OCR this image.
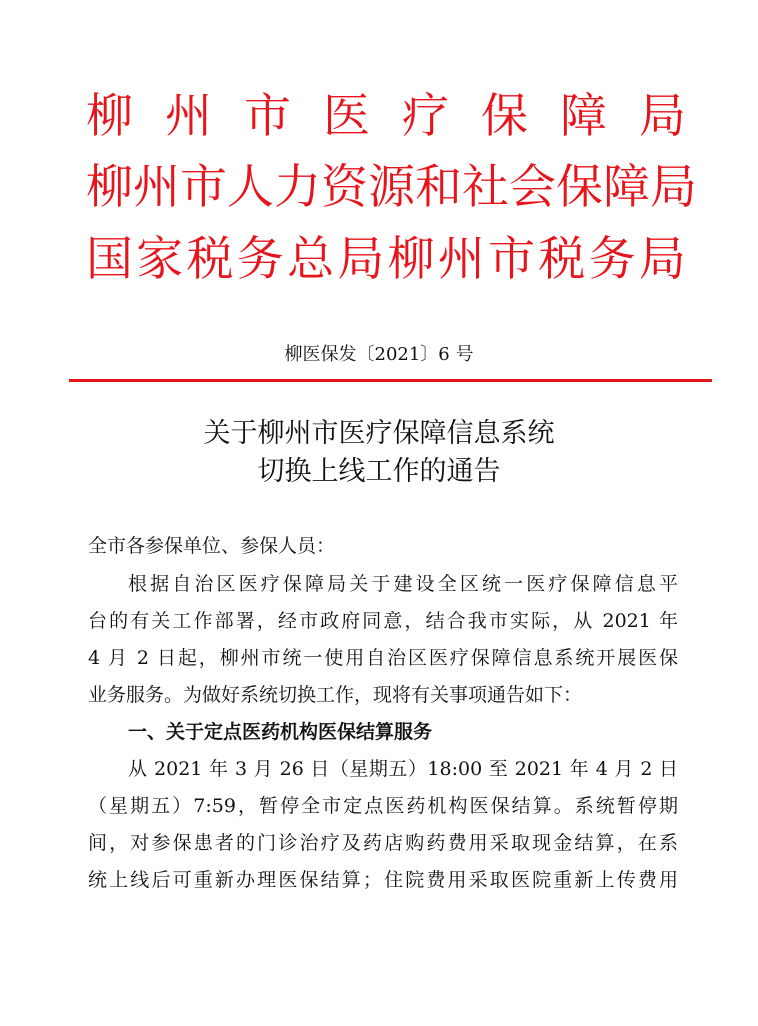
柳 州 市 医 疗 保 障 局
柳 州 市 人 力 资 源 和 社 会 保 障 局
国 家 税 务 总 局 柳 州 市 税 务 局
柳医保发〔2021〕6 号
关于柳州市医疗保障信息系统
切换上线工作的通告
全市各参保单位、参保人员：
根据自治区医疗保障局关于建设全区统一医疗保障信息平
台的有关工作部署，经市政府同意，结合我市实际，从 2021 年
4 月 2 日起，柳州市统一使用自治区医疗保障信息系统开展医保
业务服务。为做好系统切换工作，现将有关事项通告如下：
一、关于定点医药机构医保结算服务
从 2021 年 3 月 26 日（星期五）18:00 至 2021 年 4 月 2 日
（星期五）7:59，暂停全市定点医药机构医保结算。系统暂停期
间，对参保患者的门诊治疗及药店购药费用采取现金结算，在系
统上线后可重新办理医保结算；住院费用采取医院重新上传费用
